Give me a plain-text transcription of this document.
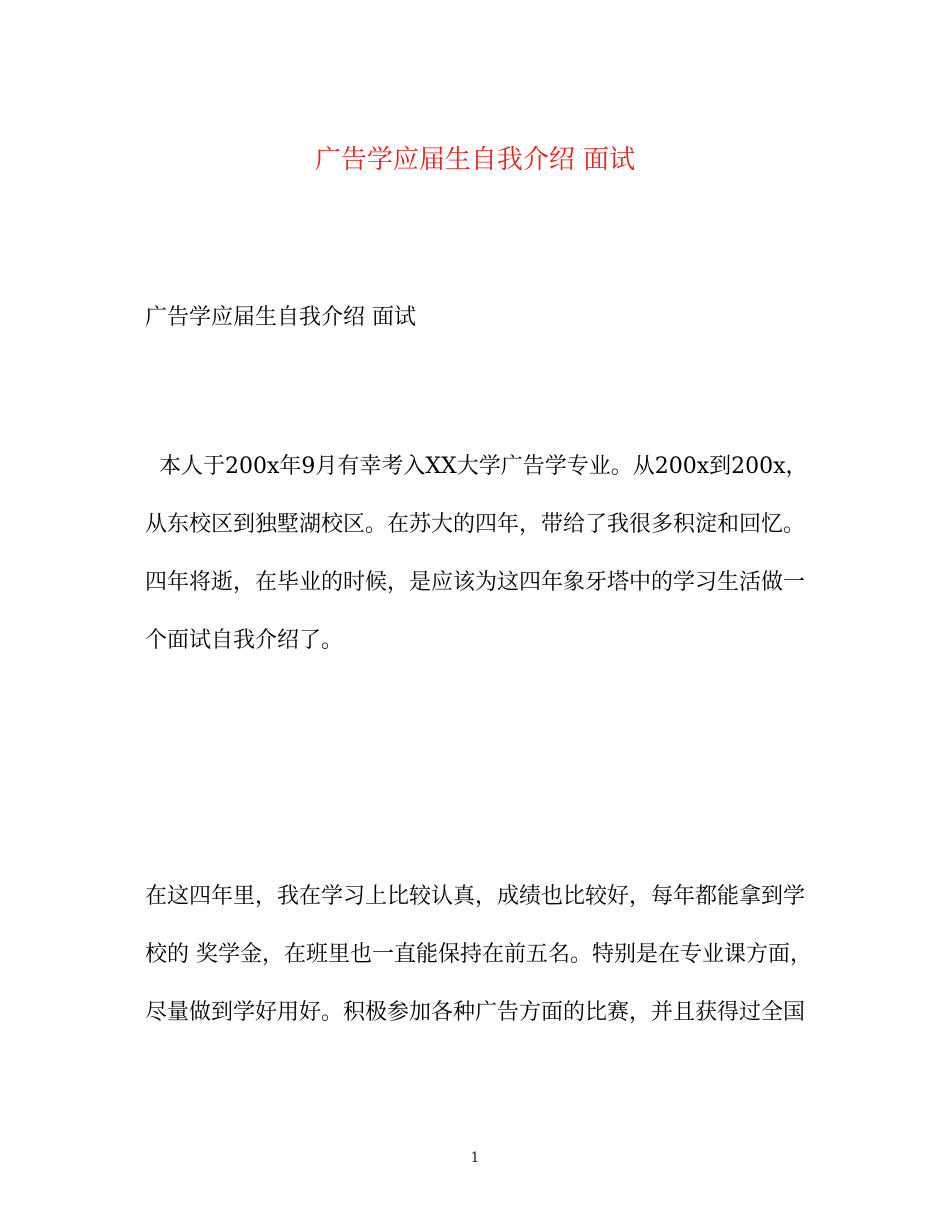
广告学应届生自我介绍 面试
广告学应届生自我介绍 面试
本人于200x年9月有幸考入XX大学广告学专业。从200x到200x，
从东校区到独墅湖校区。在苏大的四年，带给了我很多积淀和回忆。
四年将逝，在毕业的时候，是应该为这四年象牙塔中的学习生活做一
个面试自我介绍了。
在这四年里，我在学习上比较认真，成绩也比较好，每年都能拿到学
校的 奖学金，在班里也一直能保持在前五名。特别是在专业课方面，
尽量做到学好用好。积极参加各种广告方面的比赛，并且获得过全国
1
